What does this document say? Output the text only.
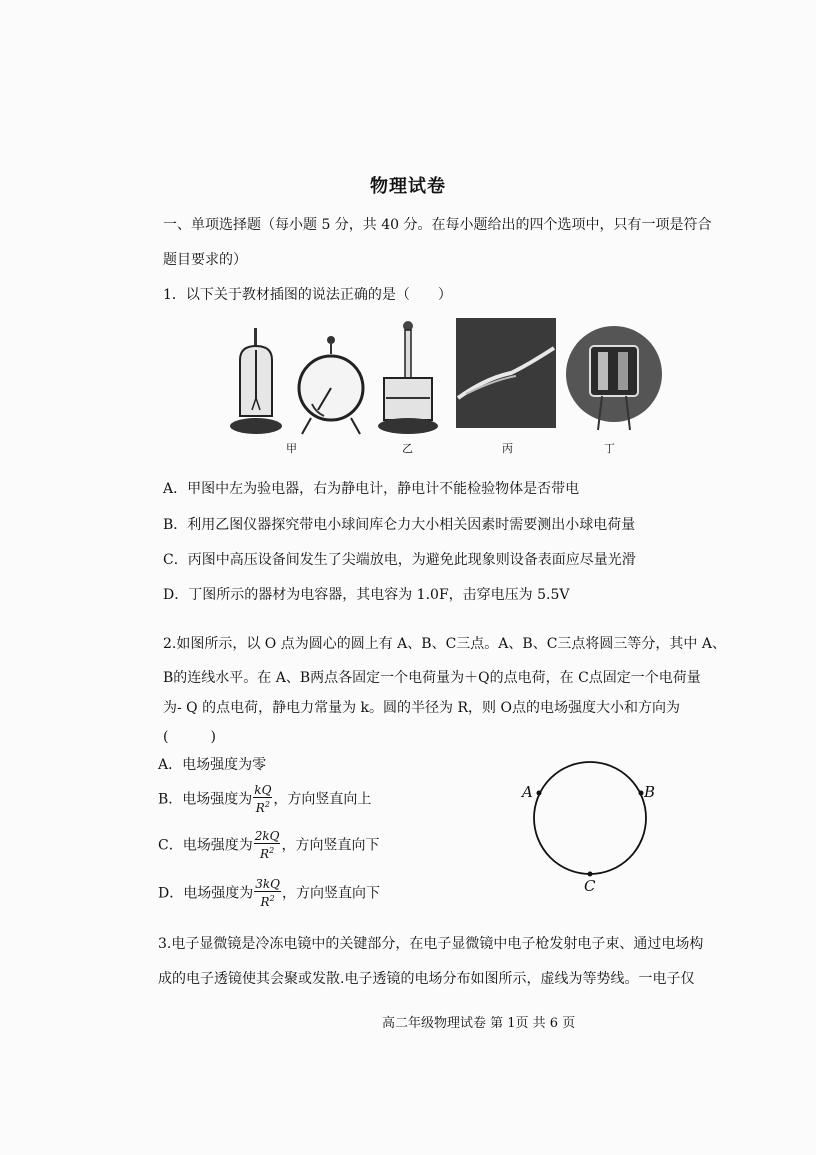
物理试卷
一、单项选择题（每小题 5 分，共 40 分。在每小题给出的四个选项中，只有一项是符合
题目要求的）
1．以下关于教材插图的说法正确的是（　　）
甲	乙	丙	丁
A．甲图中左为验电器，右为静电计，静电计不能检验物体是否带电
B．利用乙图仪器探究带电小球间库仑力大小相关因素时需要测出小球电荷量
C．丙图中高压设备间发生了尖端放电，为避免此现象则设备表面应尽量光滑
D．丁图所示的器材为电容器，其电容为 1.0F，击穿电压为 5.5V
2.如图所示，以 O 点为圆心的圆上有 A、B、C三点。A、B、C三点将圆三等分，其中 A、
B的连线水平。在 A、B两点各固定一个电荷量为＋Q的点电荷，在 C点固定一个电荷量
为- Q 的点电荷，静电力常量为 k。圆的半径为 R，则 O点的电场强度大小和方向为
(　　　)
A．电场强度为零
B．电场强度为 $\frac{kQ}{R^2}$ ，方向竖直向上
C．电场强度为 $\frac{2kQ}{R^2}$ ，方向竖直向下
D．电场强度为 $\frac{3kQ}{R^2}$ ，方向竖直向下
A	B
C
3.电子显微镜是冷冻电镜中的关键部分，在电子显微镜中电子枪发射电子束、通过电场构
成的电子透镜使其会聚或发散.电子透镜的电场分布如图所示，虚线为等势线。一电子仅
高二年级物理试卷 第 1页 共 6 页
